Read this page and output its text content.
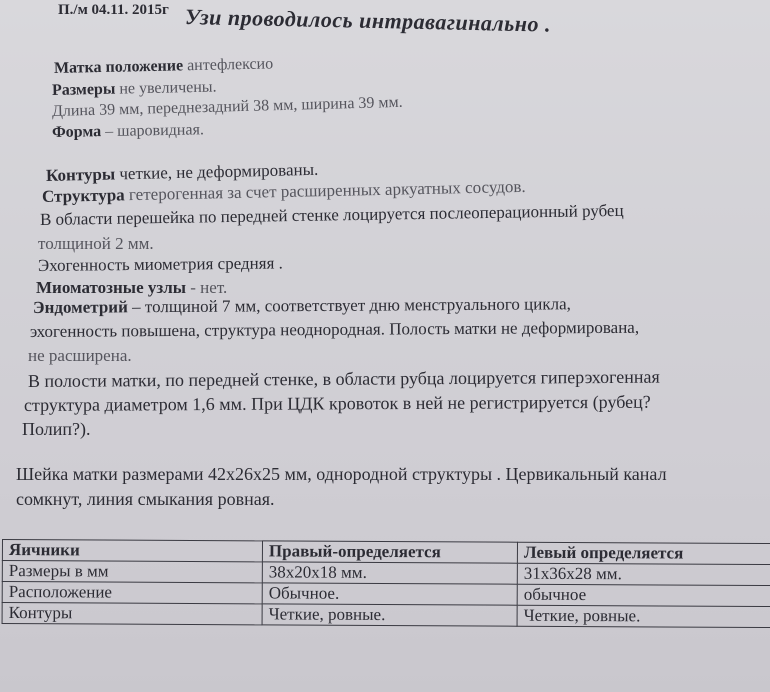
П./м 04.11. 2015г Узи проводилось интравагинально .
Матка положение антефлексио
Размеры не увеличены.
Длина 39 мм, переднезадний 38 мм, ширина 39 мм.
Форма – шаровидная.
Контуры четкие, не деформированы.
Структура гетерогенная за счет расширенных аркуатных сосудов.
В области перешейка по передней стенке лоцируется послеоперационный рубец
толщиной 2 мм.
Эхогенность миометрия средняя .
Миоматозные узлы - нет.
Эндометрий – толщиной 7 мм, соответствует дню менструального цикла,
эхогенность повышена, структура неоднородная. Полость матки не деформирована,
не расширена.
В полости матки, по передней стенке, в области рубца лоцируется гиперэхогенная
структура диаметром 1,6 мм. При ЦДК кровоток в ней не регистрируется (рубец?
Полип?).
Шейка матки размерами 42х26х25 мм, однородной структуры . Цервикальный канал
сомкнут, линия смыкания ровная.
Яичники	Правый-определяется	Левый определяется
Размеры в мм	38х20х18 мм.	31х36х28 мм.
Расположение	Обычное.	обычное
Контуры	Четкие, ровные.	Четкие, ровные.
